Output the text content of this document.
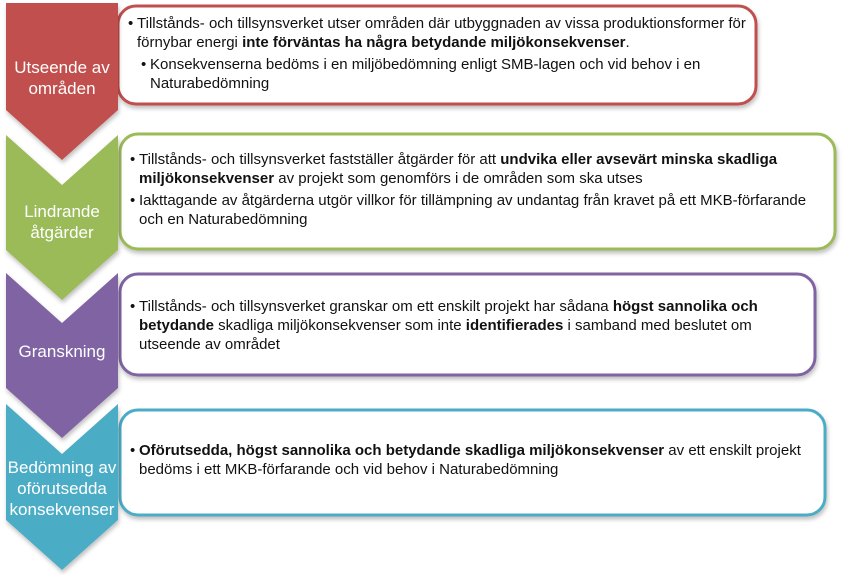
Utseende av områden
Lindrande åtgärder
Granskning
Bedömning av oförutsedda konsekvenser
• Tillstånds- och tillsynsverket utser områden där utbyggnaden av vissa produktionsformer för förnybar energi inte förväntas ha några betydande miljökonsekvenser.
• Konsekvenserna bedöms i en miljöbedömning enligt SMB-lagen och vid behov i en Naturabedömning
• Tillstånds- och tillsynsverket fastställer åtgärder för att undvika eller avsevärt minska skadliga miljökonsekvenser av projekt som genomförs i de områden som ska utses
• Iakttagande av åtgärderna utgör villkor för tillämpning av undantag från kravet på ett MKB-förfarande och en Naturabedömning
• Tillstånds- och tillsynsverket granskar om ett enskilt projekt har sådana högst sannolika och betydande skadliga miljökonsekvenser som inte identifierades i samband med beslutet om utseende av området
• Oförutsedda, högst sannolika och betydande skadliga miljökonsekvenser av ett enskilt projekt bedöms i ett MKB-förfarande och vid behov i Naturabedömning
